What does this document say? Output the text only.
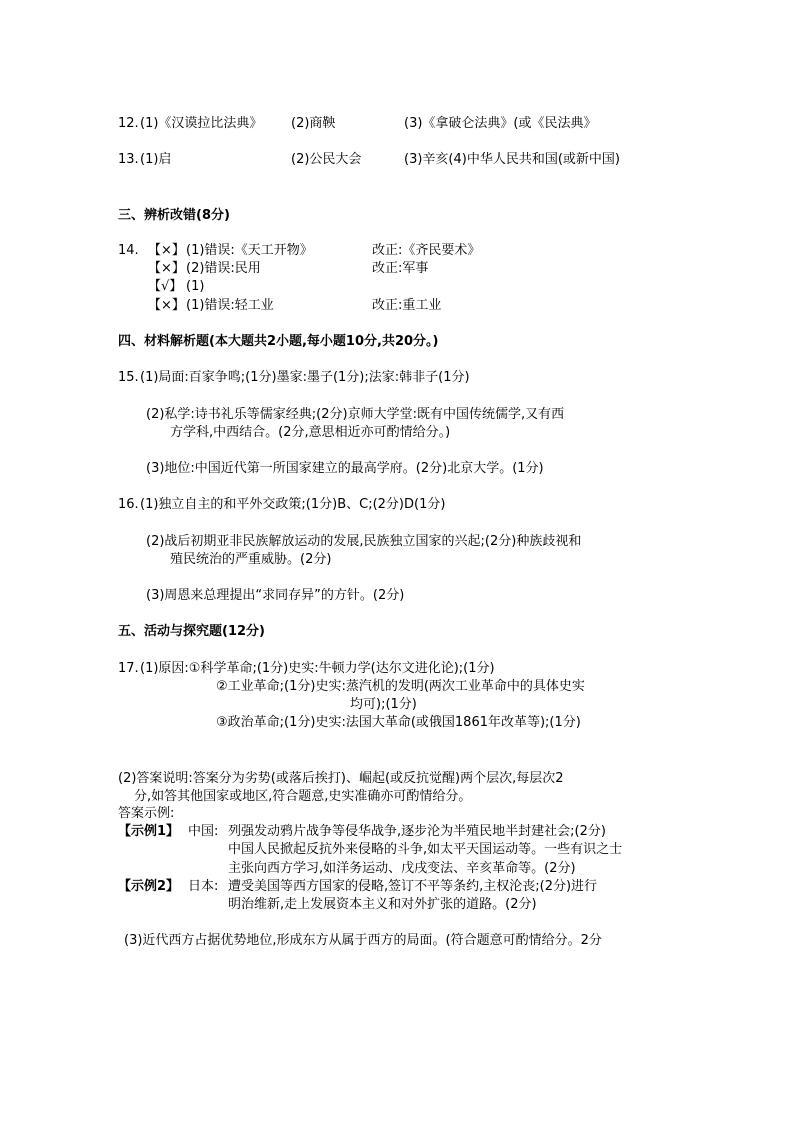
12. (1)《汉谟拉比法典》 (2)商鞅	(3)《拿破仑法典》(或《民法典》
13. (1)启	(2)公民大会	(3)辛亥(4)中华人民共和国(或新中国)
三、辨析改错(8分)
14. 【×】 (1)错误:《天工开物》	改正:《齐民要术》
【×】 (2)错误:民用	改正:军事
【√】 (1)
【×】 (1)错误:轻工业	改正:重工业
四、材料解析题(本大题共2小题,每小题10分,共20分。)
15. (1)局面:百家争鸣;(1分)墨家:墨子(1分);法家:韩非子(1分)
(2)私学:诗书礼乐等儒家经典;(2分)京师大学堂:既有中国传统儒学,又有西
方学科,中西结合。(2分,意思相近亦可酌情给分。)
(3)地位:中国近代第一所国家建立的最高学府。(2分)北京大学。(1分)
16. (1)独立自主的和平外交政策;(1分)B、C;(2分)D(1分)
(2)战后初期亚非民族解放运动的发展,民族独立国家的兴起;(2分)种族歧视和
殖民统治的严重威胁。(2分)
(3)周恩来总理提出“求同存异”的方针。(2分)
五、活动与探究题(12分)
17. (1)原因:①科学革命;(1分)史实:牛顿力学(达尔文进化论);(1分)
②工业革命;(1分)史实:蒸汽机的发明(两次工业革命中的具体史实
均可);(1分)
③政治革命;(1分)史实:法国大革命(或俄国1861年改革等);(1分)
(2)答案说明:答案分为劣势(或落后挨打)、崛起(或反抗觉醒)两个层次,每层次2
分,如答其他国家或地区,符合题意,史实准确亦可酌情给分。
答案示例:
【示例1】 中国: 列强发动鸦片战争等侵华战争,逐步沦为半殖民地半封建社会;(2分)
中国人民掀起反抗外来侵略的斗争,如太平天国运动等。一些有识之士
主张向西方学习,如洋务运动、戊戌变法、辛亥革命等。(2分)
【示例2】 日本: 遭受美国等西方国家的侵略,签订不平等条约,主权沦丧;(2分)进行
明治维新,走上发展资本主义和对外扩张的道路。(2分)
(3)近代西方占据优势地位,形成东方从属于西方的局面。(符合题意可酌情给分。2分
